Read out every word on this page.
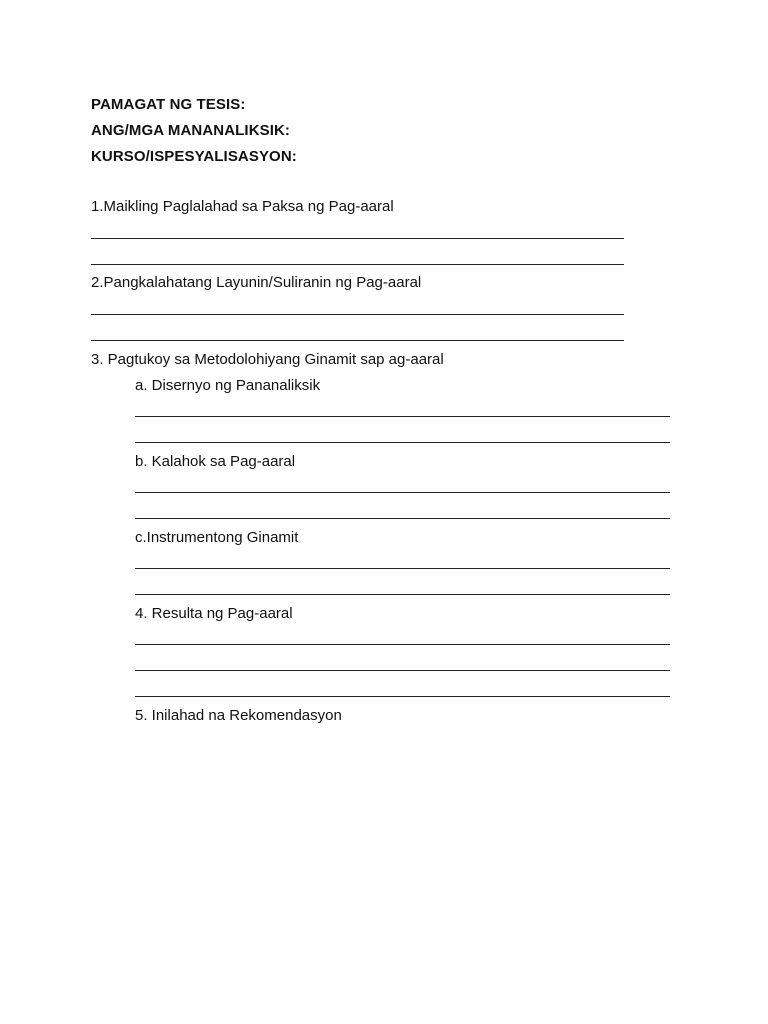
PAMAGAT NG TESIS:
ANG/MGA MANANALIKSIK:
KURSO/ISPESYALISASYON:
1.Maikling Paglalahad sa Paksa ng Pag-aaral
2.Pangkalahatang Layunin/Suliranin ng Pag-aaral
3. Pagtukoy sa Metodolohiyang Ginamit sap ag-aaral
a. Disernyo ng Pananaliksik
b. Kalahok sa Pag-aaral
c.Instrumentong Ginamit
4. Resulta ng Pag-aaral
5. Inilahad na Rekomendasyon
